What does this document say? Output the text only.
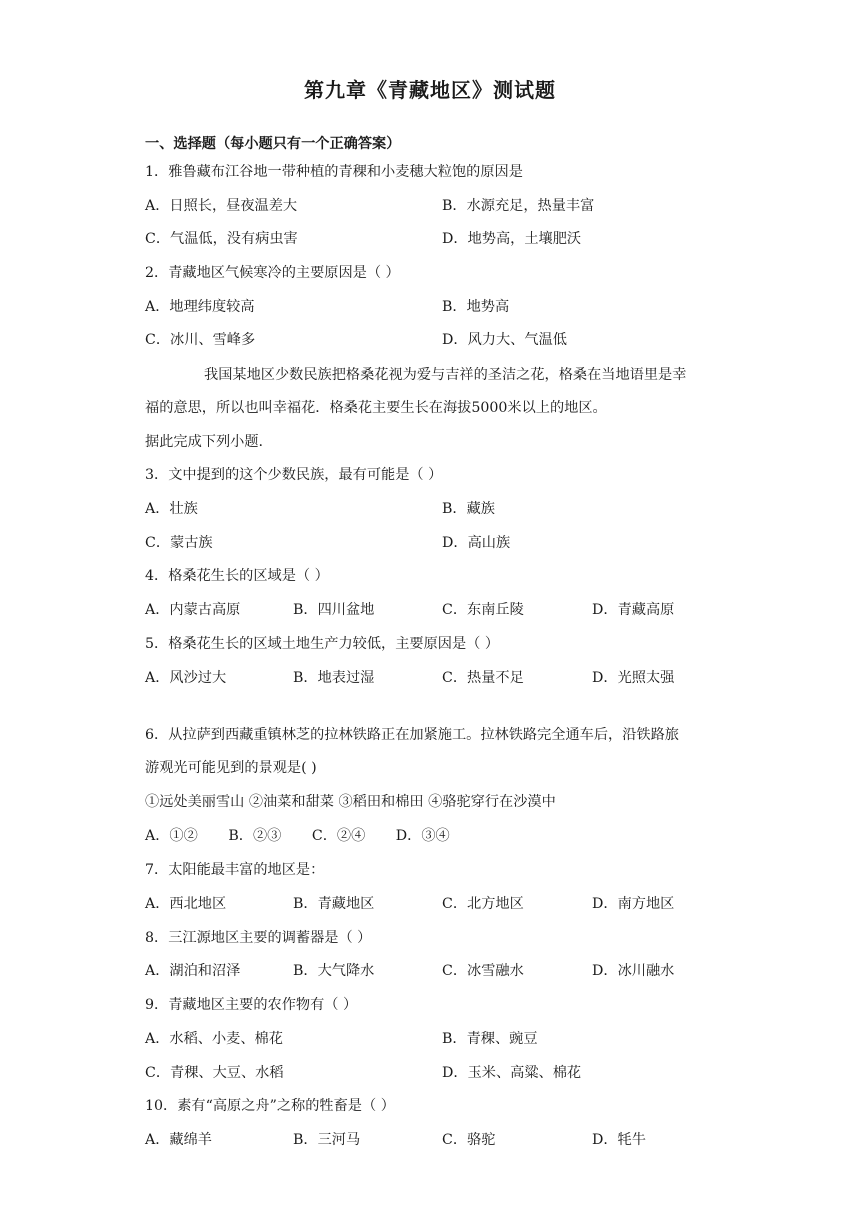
第九章《青藏地区》测试题
一、选择题（每小题只有一个正确答案）
1．雅鲁藏布江谷地一带种植的青稞和小麦穗大粒饱的原因是
A．日照长，昼夜温差大	B．水源充足，热量丰富
C．气温低，没有病虫害	D．地势高，土壤肥沃
2．青藏地区气候寒冷的主要原因是（ ）
A．地理纬度较高	B．地势高
C．冰川、雪峰多	D．风力大、气温低
我国某地区少数民族把格桑花视为爱与吉祥的圣洁之花，格桑在当地语里是幸
福的意思，所以也叫幸福花．格桑花主要生长在海拔5000米以上的地区。
据此完成下列小题.
3．文中提到的这个少数民族，最有可能是（ ）
A．壮族	B．藏族
C．蒙古族	D．高山族
4．格桑花生长的区域是（ ）
A．内蒙古高原	B．四川盆地	C．东南丘陵	D．青藏高原
5．格桑花生长的区域土地生产力较低，主要原因是（ ）
A．风沙过大	B．地表过湿	C．热量不足	D．光照太强
6．从拉萨到西藏重镇林芝的拉林铁路正在加紧施工。拉林铁路完全通车后，沿铁路旅
游观光可能见到的景观是( )
①远处美丽雪山 ②油菜和甜菜 ③稻田和棉田 ④骆驼穿行在沙漠中
A．①② B．②③ C．②④ D．③④
7．太阳能最丰富的地区是：
A．西北地区	B．青藏地区	C．北方地区	D．南方地区
8．三江源地区主要的调蓄器是（ ）
A．湖泊和沼泽	B．大气降水	C．冰雪融水	D．冰川融水
9．青藏地区主要的农作物有（ ）
A．水稻、小麦、棉花	B．青稞、豌豆
C．青稞、大豆、水稻	D．玉米、高粱、棉花
10．素有“高原之舟”之称的牲畜是（ ）
A．藏绵羊	B．三河马	C．骆驼	D．牦牛
